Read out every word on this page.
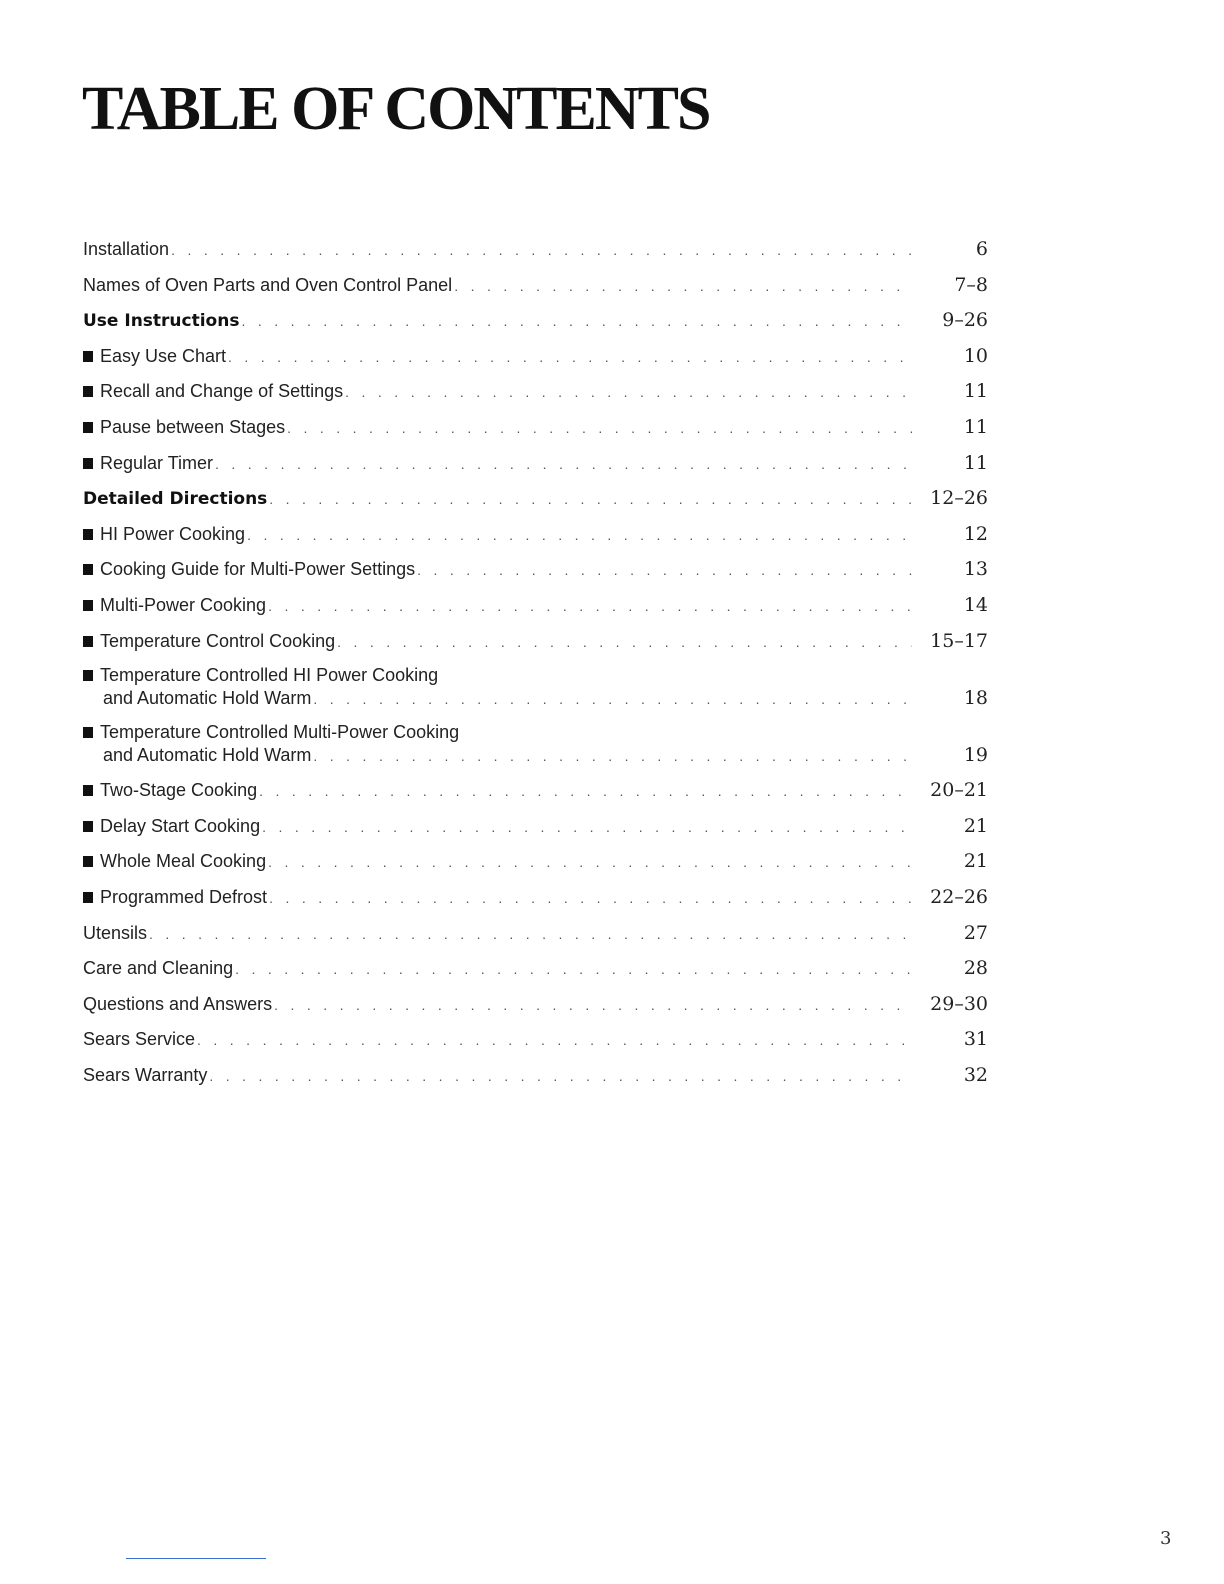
TABLE OF CONTENTS
Installation . . .	6
Names of Oven Parts and Oven Control Panel . . .	7–8
Use Instructions . . .	9–26
Easy Use Chart . . .	10
Recall and Change of Settings . . .	11
Pause between Stages . . .	11
Regular Timer . . .	11
Detailed Directions . . .	12–26
HI Power Cooking . . .	12
Cooking Guide for Multi-Power Settings . . .	13
Multi-Power Cooking . . .	14
Temperature Control Cooking . . .	15–17
Temperature Controlled HI Power Cooking
and Automatic Hold Warm . . .	18
Temperature Controlled Multi-Power Cooking
and Automatic Hold Warm . . .	19
Two-Stage Cooking . . .	20–21
Delay Start Cooking . . .	21
Whole Meal Cooking . . .	21
Programmed Defrost . . .	22–26
Utensils . . .	27
Care and Cleaning . . .	28
Questions and Answers . . .	29–30
Sears Service . . .	31
Sears Warranty . . .	32
3
